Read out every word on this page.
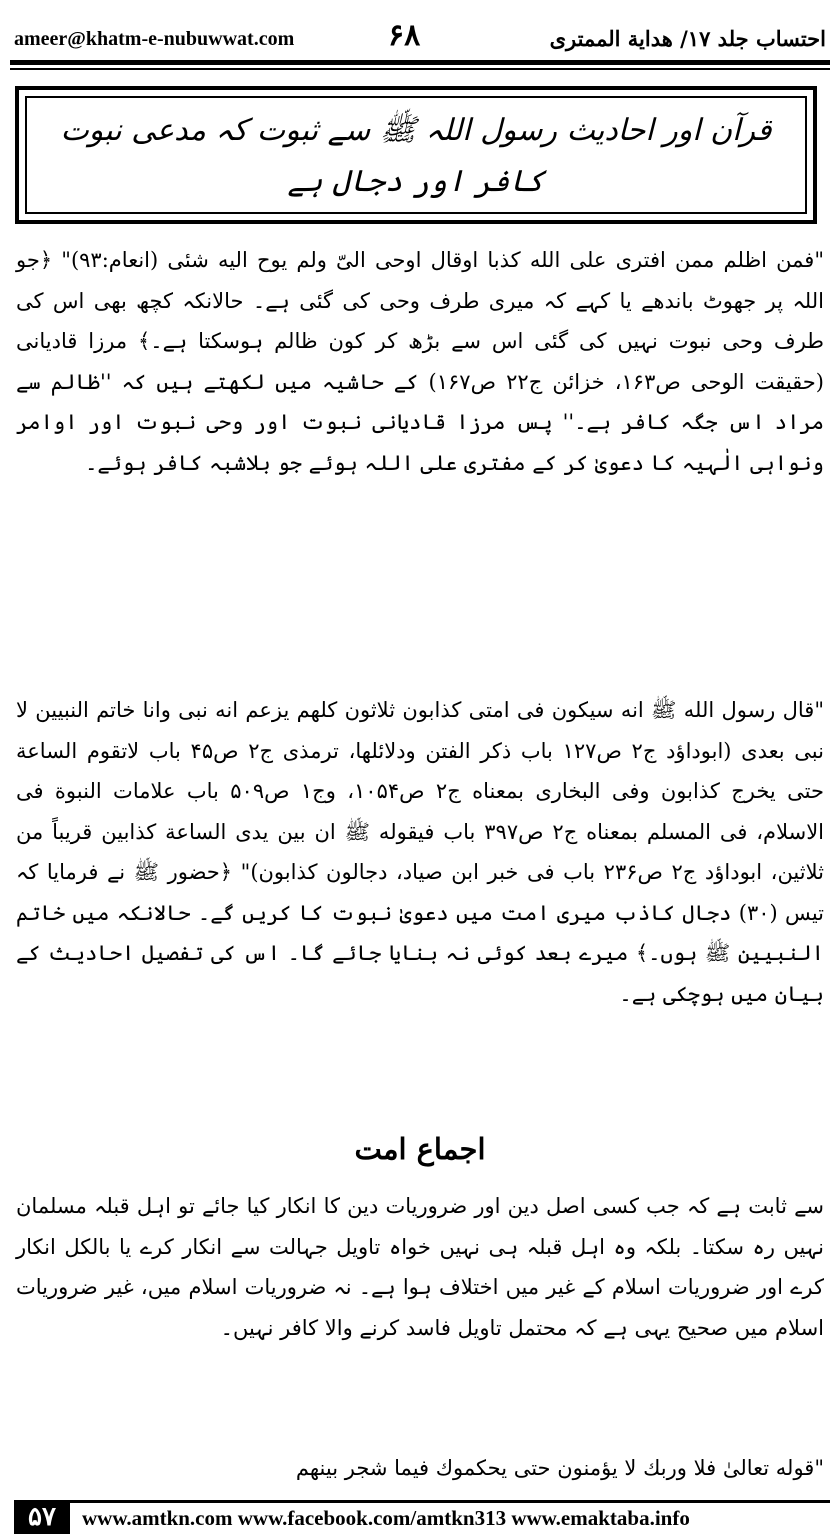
ameer@khatm-e-nubuwwat.com	۶۸	احتساب جلد ۱۷/ هدایة الممتری
قرآن اور احادیث رسول اللہ ﷺ سے ثبوت کہ مدعی نبوت
کافر اور دجال ہے
"فمن اظلم ممن افتری علی الله كذبا اوقال اوحی الیّ ولم یوح اليه شئی (انعام:۹۳)" ﴿جو اللہ پر جھوٹ باندھے یا کہے کہ میری طرف وحی کی گئی ہے۔ حالانکہ کچھ بھی اس کی طرف وحی نبوت نہیں کی گئی اس سے بڑھ کر کون ظالم ہوسکتا ہے۔﴾ مرزا قادیانی (حقیقت الوحی ص۱۶۳، خزائن ج۲۲ ص۱۶۷) کے حاشیہ میں لکھتے ہیں کہ ''ظالم سے مراد اس جگہ کافر ہے۔'' پس مرزا قادیانی نبوت اور وحی نبوت اور اوامر ونواہی الٰہیہ کا دعویٰ کر کے مفتری علی اللہ ہوئے جو بلاشبہ کافر ہوئے۔
"قال رسول الله ﷺ انه سيكون فی امتی كذابون ثلاثون كلهم يزعم انه نبی وانا خاتم النبيين لا نبی بعدی (ابوداؤد ج۲ ص۱۲۷ باب ذكر الفتن ودلائلها، ترمذی ج۲ ص۴۵ باب لاتقوم الساعة حتی يخرج كذابون وفی البخاری بمعناه ج۲ ص۱۰۵۴، وج۱ ص۵۰۹ باب علامات النبوة فی الاسلام، فی المسلم بمعناه ج۲ ص۳۹۷ باب فيقوله ﷺ ان بين يدی الساعة كذابين قريباً من ثلاثين، ابوداؤد ج۲ ص۲۳۶ باب فی خبر ابن صياد، دجالون كذابون)" ﴿حضور ﷺ نے فرمایا کہ تیس (۳۰) دجال کاذب میری امت میں دعویٰ نبوت کا کریں گے۔ حالانکہ میں خاتم النبیین ﷺ ہوں۔﴾ میرے بعد کوئی نہ بنایا جائے گا۔ اس کی تفصیل احادیث کے بیان میں ہوچکی ہے۔
اجماع امت
سے ثابت ہے کہ جب کسی اصل دین اور ضروریات دین کا انکار کیا جائے تو اہل قبلہ مسلمان نہیں رہ سکتا۔ بلکہ وہ اہل قبلہ ہی نہیں خواہ تاویل جہالت سے انکار کرے یا بالکل انکار کرے اور ضروریات اسلام کے غیر میں اختلاف ہوا ہے۔ نہ ضروریات اسلام میں، غیر ضروریات اسلام میں صحیح یہی ہے کہ محتمل تاویل فاسد کرنے والا کافر نہیں۔
"قوله تعالیٰ فلا وربك لا يؤمنون حتی يحكموك فيما شجر بينهم
۵۷	www.amtkn.com www.facebook.com/amtkn313 www.emaktaba.info
